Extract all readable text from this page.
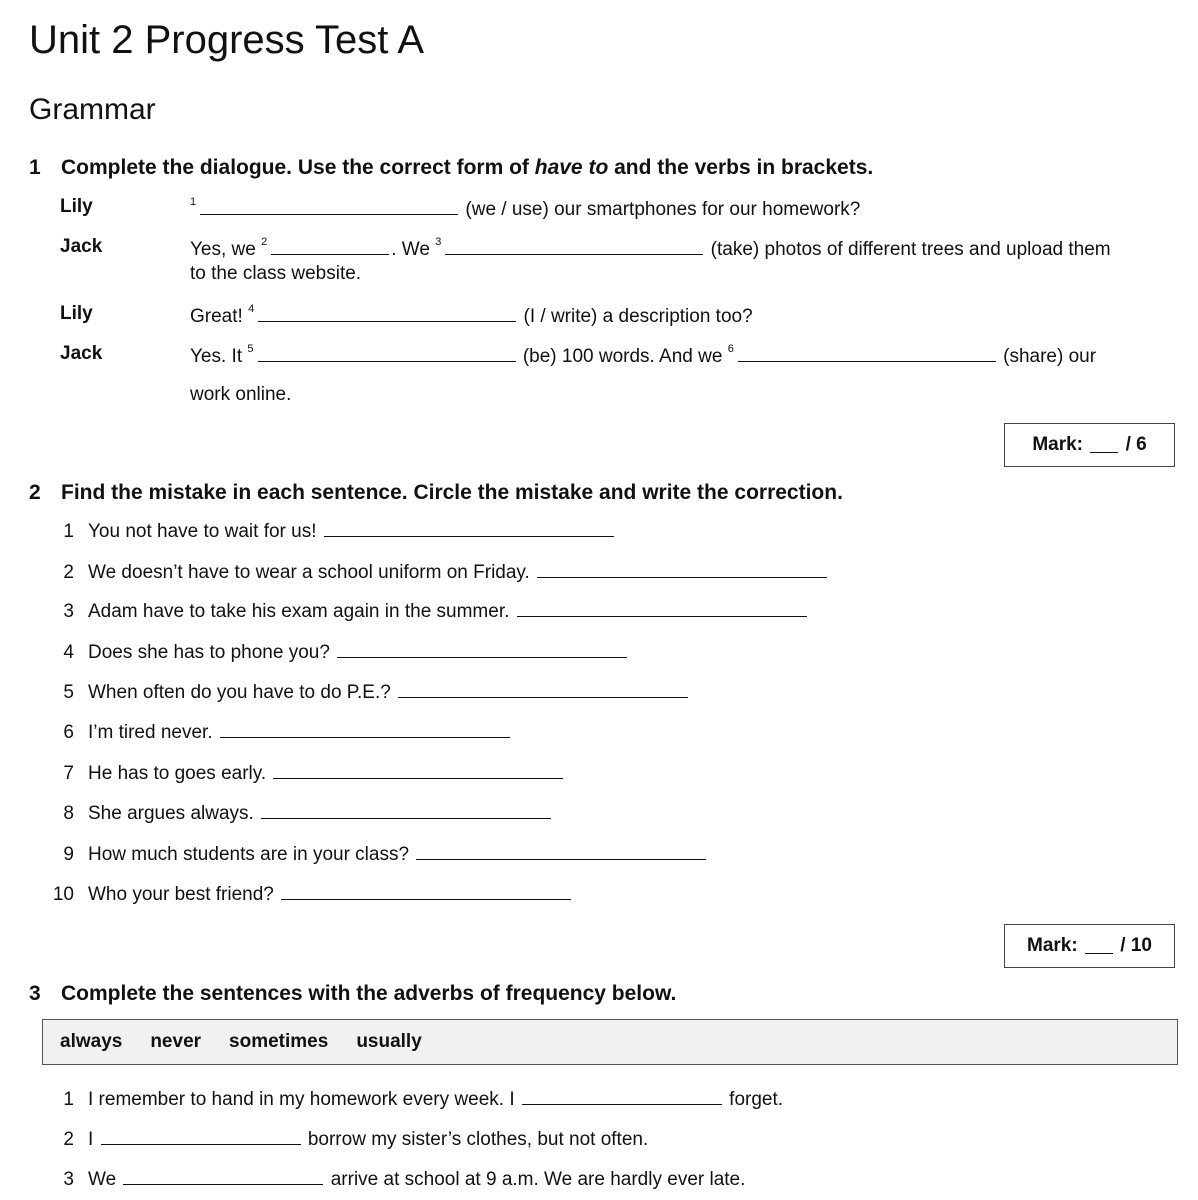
Unit 2 Progress Test A
Grammar
1 Complete the dialogue. Use the correct form of have to and the verbs in brackets.
Lily	$^1$	(we / use) our smartphones for our homework?
Jack	Yes, we $^2$	. We $^3$	(take) photos of different trees and upload them
to the class website.
Lily	Great! $^4$	(I / write) a description too?
Jack	Yes. It $^5$	(be) 100 words. And we $^6$	(share) our
work online.
Mark:

/ 6
2 Find the mistake in each sentence. Circle the mistake and write the correction.
1 You not have to wait for us!
2 We doesn’t have to wear a school uniform on Friday.
3 Adam have to take his exam again in the summer.
4 Does she has to phone you?
5 When often do you have to do P.E.?
6 I’m tired never.
7 He has to goes early.
8 She argues always.
9 How much students are in your class?
10 Who your best friend?
Mark:

/ 10
3 Complete the sentences with the adverbs of frequency below.
always never sometimes usually
1 I remember to hand in my homework every week. I	forget.
2 I	borrow my sister’s clothes, but not often.
3 We	arrive at school at 9 a.m. We are hardly ever late.
